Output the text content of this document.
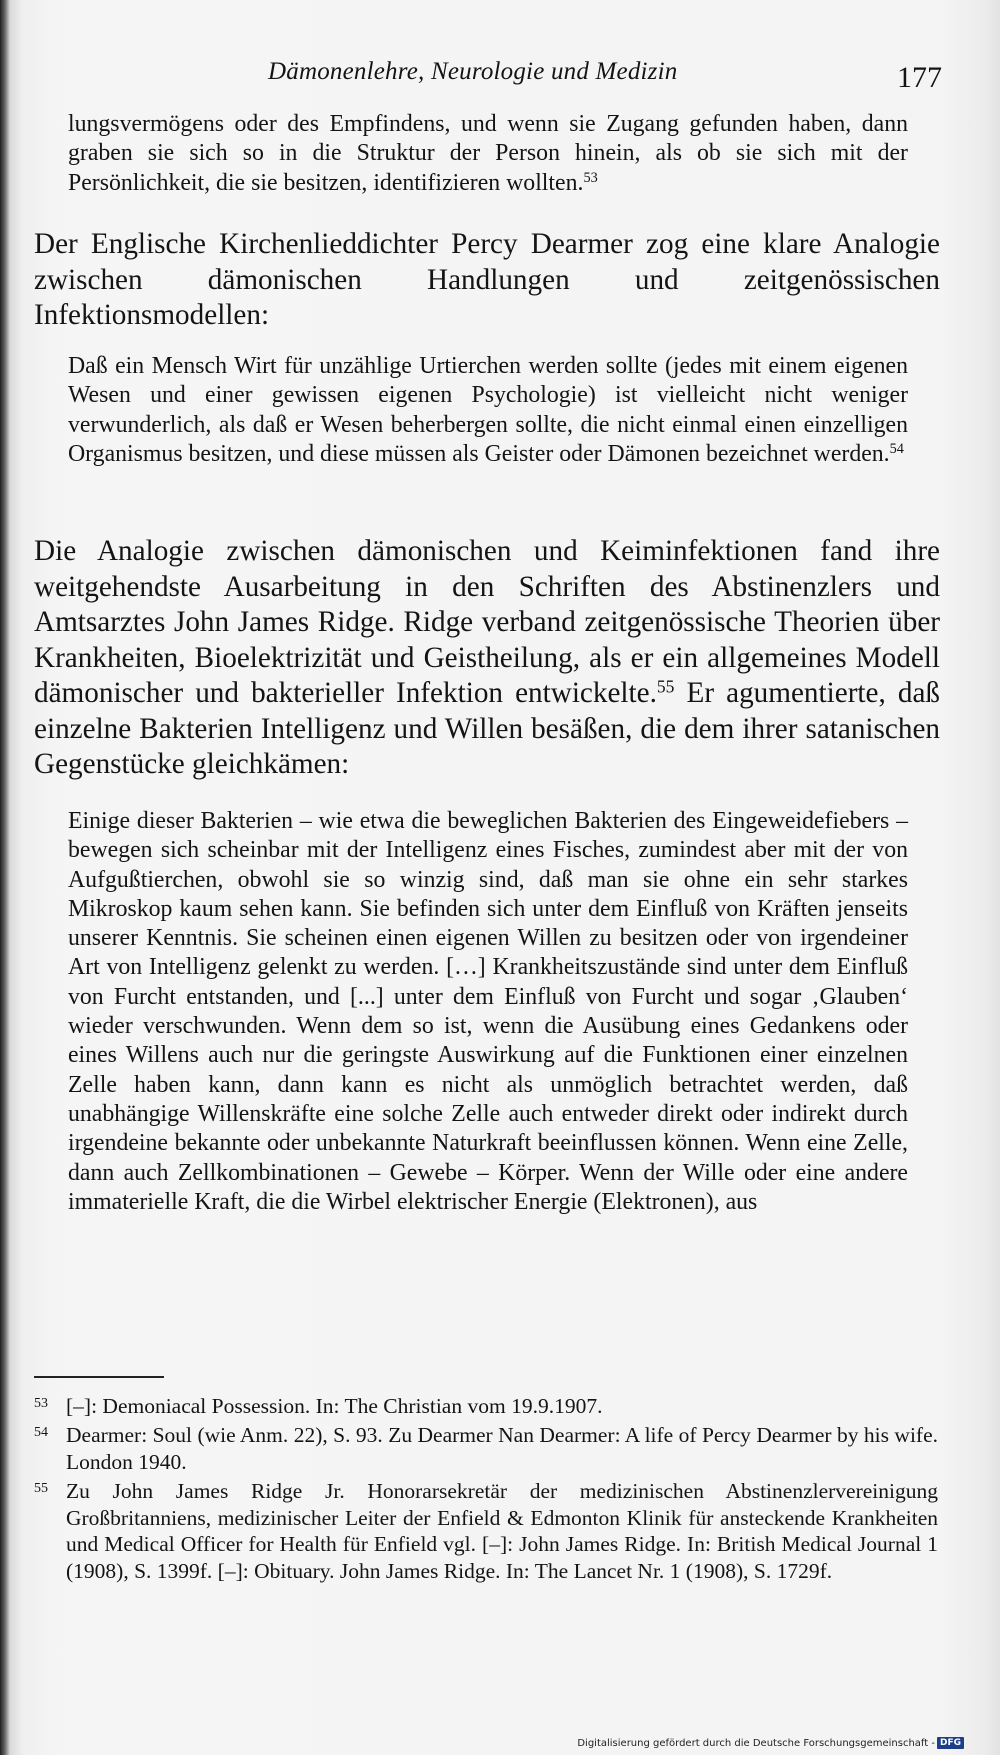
Dämonenlehre, Neurologie und Medizin	177

lungsvermögens oder des Empfindens, und wenn sie Zugang gefunden haben, dann graben sie sich so in die Struktur der Person hinein, als ob sie sich mit der Persönlichkeit, die sie besitzen, identifizieren wollten.$^{53}$

Der Englische Kirchenlieddichter Percy Dearmer zog eine klare Analogie zwischen dämonischen Handlungen und zeitgenössischen Infektionsmodellen:

Daß ein Mensch Wirt für unzählige Urtierchen werden sollte (jedes mit einem eigenen Wesen und einer gewissen eigenen Psychologie) ist vielleicht nicht weniger verwunderlich, als daß er Wesen beherbergen sollte, die nicht einmal einen einzelligen Organismus besitzen, und diese müssen als Geister oder Dämonen bezeichnet werden.$^{54}$

Die Analogie zwischen dämonischen und Keiminfektionen fand ihre weitgehendste Ausarbeitung in den Schriften des Abstinenzlers und Amtsarztes John James Ridge. Ridge verband zeitgenössische Theorien über Krankheiten, Bioelektrizität und Geistheilung, als er ein allgemeines Modell dämonischer und bakterieller Infektion entwickelte.$^{55}$ Er agumentierte, daß einzelne Bakterien Intelligenz und Willen besäßen, die dem ihrer satanischen Gegenstücke gleichkämen:

Einige dieser Bakterien – wie etwa die beweglichen Bakterien des Eingeweidefiebers – bewegen sich scheinbar mit der Intelligenz eines Fisches, zumindest aber mit der von Aufgußtierchen, obwohl sie so winzig sind, daß man sie ohne ein sehr starkes Mikroskop kaum sehen kann. Sie befinden sich unter dem Einfluß von Kräften jenseits unserer Kenntnis. Sie scheinen einen eigenen Willen zu besitzen oder von irgendeiner Art von Intelligenz gelenkt zu werden. […] Krankheitszustände sind unter dem Einfluß von Furcht entstanden, und [...] unter dem Einfluß von Furcht und sogar ‚Glauben‘ wieder verschwunden. Wenn dem so ist, wenn die Ausübung eines Gedankens oder eines Willens auch nur die geringste Auswirkung auf die Funktionen einer einzelnen Zelle haben kann, dann kann es nicht als unmöglich betrachtet werden, daß unabhängige Willenskräfte eine solche Zelle auch entweder direkt oder indirekt durch irgendeine bekannte oder unbekannte Naturkraft beeinflussen können. Wenn eine Zelle, dann auch Zellkombinationen – Gewebe – Körper. Wenn der Wille oder eine andere immaterielle Kraft, die die Wirbel elektrischer Energie (Elektronen), aus

53 [–]: Demoniacal Possession. In: The Christian vom 19.9.1907.
54 Dearmer: Soul (wie Anm. 22), S. 93. Zu Dearmer Nan Dearmer: A life of Percy Dearmer by his wife. London 1940.
55 Zu John James Ridge Jr. Honorarsekretär der medizinischen Abstinenzlervereinigung Großbritanniens, medizinischer Leiter der Enfield & Edmonton Klinik für ansteckende Krankheiten und Medical Officer for Health für Enfield vgl. [–]: John James Ridge. In: British Medical Journal 1 (1908), S. 1399f. [–]: Obituary. John James Ridge. In: The Lancet Nr. 1 (1908), S. 1729f.
Digitalisierung gefördert durch die Deutsche Forschungsgemeinschaft - DFG
